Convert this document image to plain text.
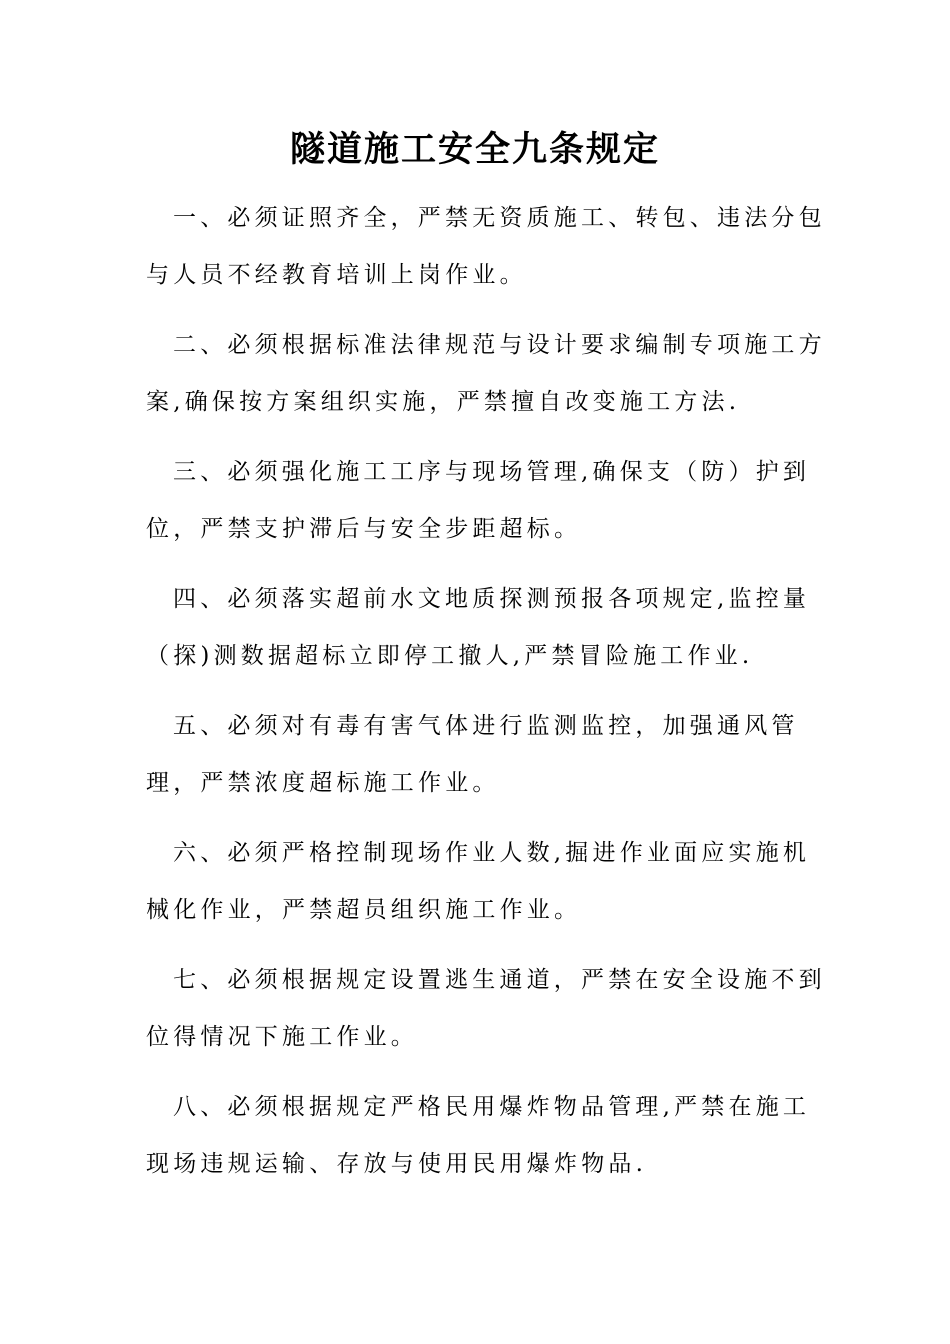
隧道施工安全九条规定
一、必须证照齐全，严禁无资质施工、转包、违法分包与人员不经教育培训上岗作业。
二、必须根据标准法律规范与设计要求编制专项施工方案,确保按方案组织实施，严禁擅自改变施工方法.
三、必须强化施工工序与现场管理,确保支（防）护到位，严禁支护滞后与安全步距超标。
四、必须落实超前水文地质探测预报各项规定,监控量（探)测数据超标立即停工撤人,严禁冒险施工作业.
五、必须对有毒有害气体进行监测监控，加强通风管理，严禁浓度超标施工作业。
六、必须严格控制现场作业人数,掘进作业面应实施机械化作业，严禁超员组织施工作业。
七、必须根据规定设置逃生通道，严禁在安全设施不到位得情况下施工作业。
八、必须根据规定严格民用爆炸物品管理,严禁在施工现场违规运输、存放与使用民用爆炸物品.
